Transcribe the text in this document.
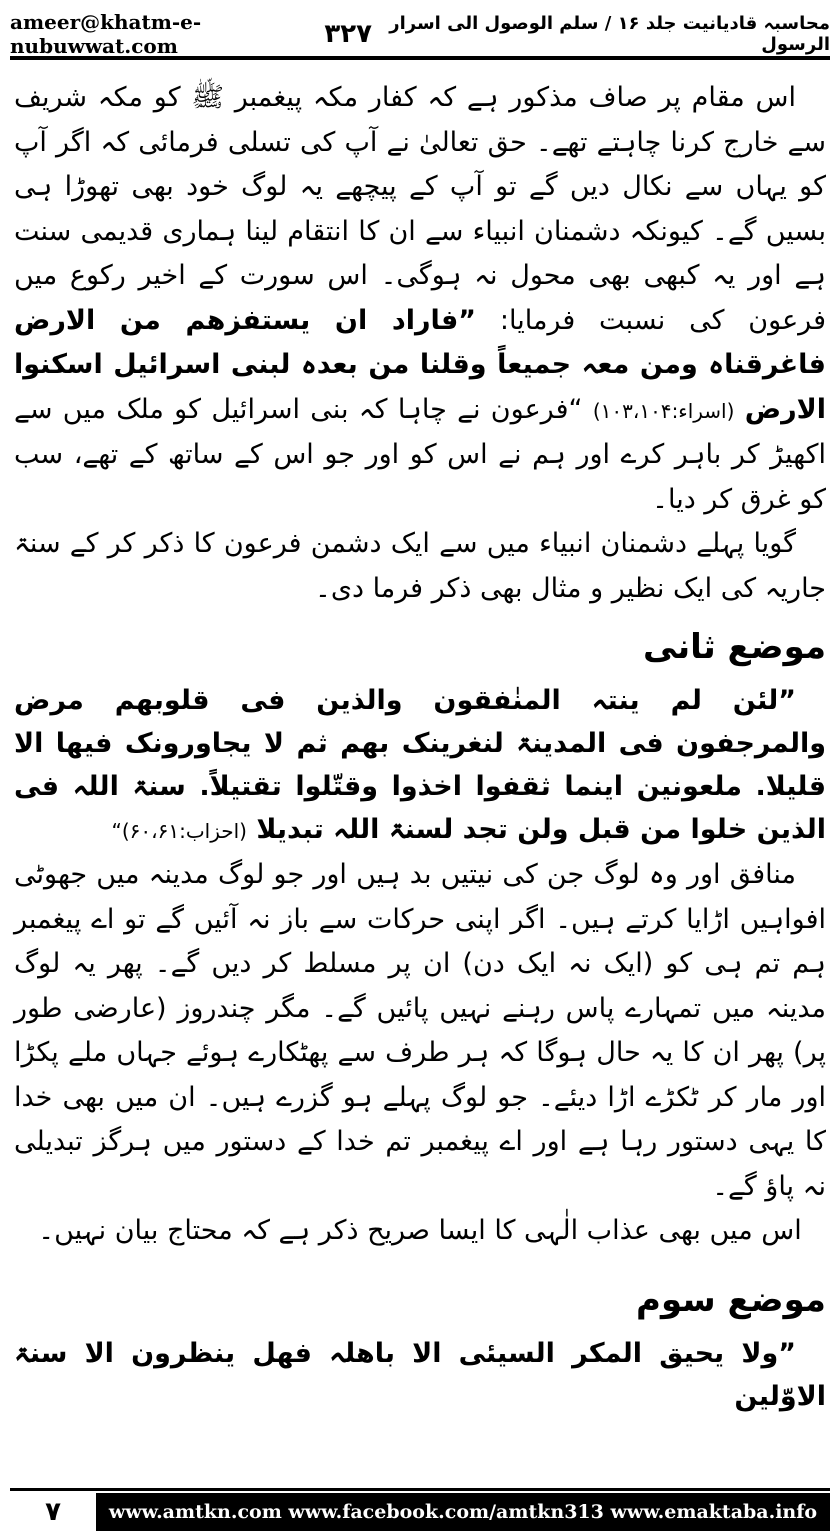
ameer@khatm-e-nubuwwat.com
محاسبہ قادیانیت جلد ۱۶ / سلم الوصول الی اسرار الرسول
۳۲۷

اس مقام پر صاف مذکور ہے کہ کفار مکہ پیغمبر ﷺ کو مکہ شریف سے خارج کرنا چاہتے تھے۔ حق تعالیٰ نے آپ کی تسلی فرمائی کہ اگر آپ کو یہاں سے نکال دیں گے تو آپ کے پیچھے یہ لوگ خود بھی تھوڑا ہی بسیں گے۔ کیونکہ دشمنان انبیاء سے ان کا انتقام لینا ہماری قدیمی سنت ہے اور یہ کبھی بھی محول نہ ہوگی۔ اس سورت کے اخیر رکوع میں فرعون کی نسبت فرمایا: ”فاراد ان یستفزھم من الارض فاغرقناہ ومن معہ جمیعاً وقلنا من بعدہ لبنی اسرائیل اسکنوا الارض (اسراء:۱۰۳،۱۰۴) “فرعون نے چاہا کہ بنی اسرائیل کو ملک میں سے اکھیڑ کر باہر کرے اور ہم نے اس کو اور جو اس کے ساتھ کے تھے، سب کو غرق کر دیا۔

گویا پہلے دشمنان انبیاء میں سے ایک دشمن فرعون کا ذکر کر کے سنۃ جاریہ کی ایک نظیر و مثال بھی ذکر فرما دی۔

موضع ثانی

”لئن لم ینتہ المنٰفقون والذین فی قلوبھم مرض والمرجفون فی المدینۃ لنغرینک بھم ثم لا یجاورونک فیھا الا قلیلا. ملعونین اینما ثقفوا اخذوا وقتّلوا تقتیلاً. سنۃ اللہ فی الذین خلوا من قبل ولن تجد لسنۃ اللہ تبدیلا (احزاب:۶۰،۶۱)“

منافق اور وہ لوگ جن کی نیتیں بد ہیں اور جو لوگ مدینہ میں جھوٹی افواہیں اڑایا کرتے ہیں۔ اگر اپنی حرکات سے باز نہ آئیں گے تو اے پیغمبر ہم تم ہی کو (ایک نہ ایک دن) ان پر مسلط کر دیں گے۔ پھر یہ لوگ مدینہ میں تمہارے پاس رہنے نہیں پائیں گے۔ مگر چندروز (عارضی طور پر) پھر ان کا یہ حال ہوگا کہ ہر طرف سے پھٹکارے ہوئے جہاں ملے پکڑا اور مار کر ٹکڑے اڑا دیئے۔ جو لوگ پہلے ہو گزرے ہیں۔ ان میں بھی خدا کا یہی دستور رہا ہے اور اے پیغمبر تم خدا کے دستور میں ہرگز تبدیلی نہ پاؤ گے۔

اس میں بھی عذاب الٰہی کا ایسا صریح ذکر ہے کہ محتاج بیان نہیں۔

موضع سوم

”ولا یحیق المکر السیئی الا باھلہ فھل ینظرون الا سنۃ الاوّلین

۷	www.amtkn.com www.facebook.com/amtkn313 www.emaktaba.info
